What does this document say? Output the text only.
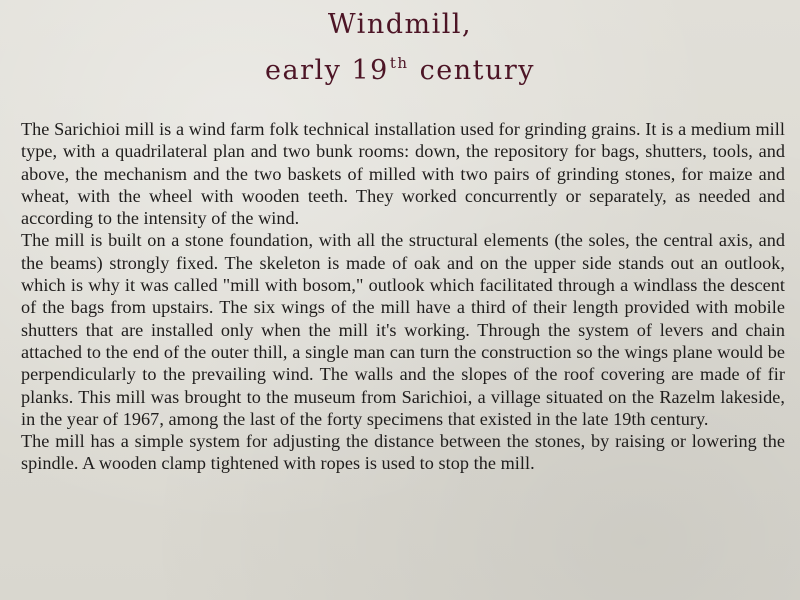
Windmill,
early 19th century

The Sarichioi mill is a wind farm folk technical installation used for grinding grains. It is a medium mill type, with a quadrilateral plan and two bunk rooms: down, the repository for bags, shutters, tools, and above, the mechanism and the two baskets of milled with two pairs of grinding stones, for maize and wheat, with the wheel with wooden teeth. They worked concurrently or separately, as needed and according to the intensity of the wind.

The mill is built on a stone foundation, with all the structural elements (the soles, the central axis, and the beams) strongly fixed. The skeleton is made of oak and on the upper side stands out an outlook, which is why it was called "mill with bosom," outlook which facilitated through a windlass the descent of the bags from upstairs. The six wings of the mill have a third of their length provided with mobile shutters that are installed only when the mill it's working. Through the system of levers and chain attached to the end of the outer thill, a single man can turn the construction so the wings plane would be perpendicularly to the prevailing wind. The walls and the slopes of the roof covering are made of fir planks. This mill was brought to the museum from Sarichioi, a village situated on the Razelm lakeside, in the year of 1967, among the last of the forty specimens that existed in the late 19th century.

The mill has a simple system for adjusting the distance between the stones, by raising or lowering the spindle. A wooden clamp tightened with ropes is used to stop the mill.
